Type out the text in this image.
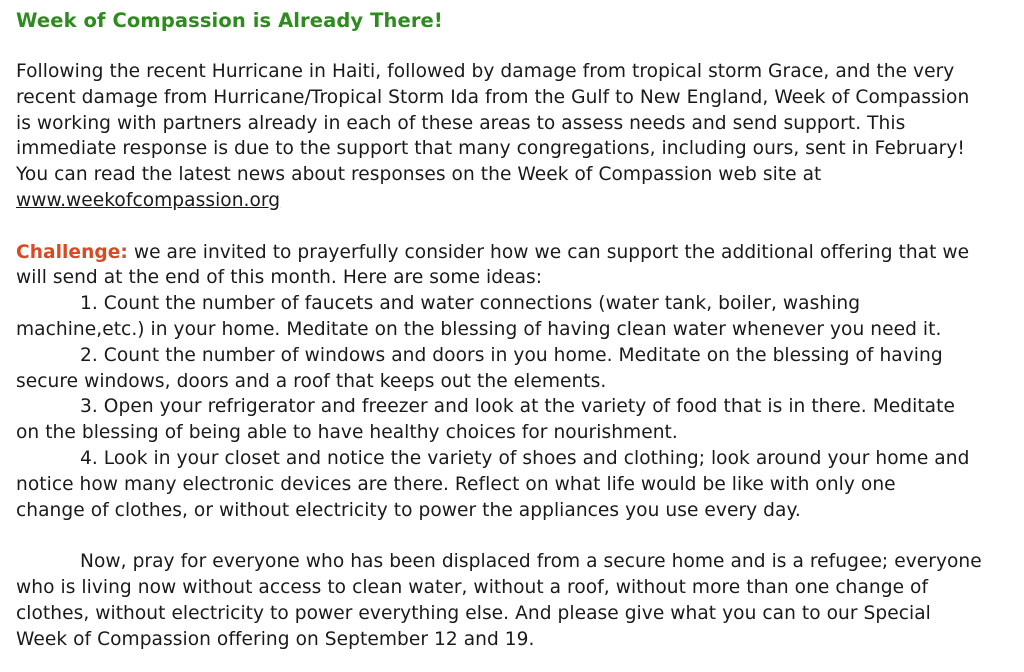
Week of Compassion is Already There!

Following the recent Hurricane in Haiti, followed by damage from tropical storm Grace, and the very
recent damage from Hurricane/Tropical Storm Ida from the Gulf to New England, Week of Compassion
is working with partners already in each of these areas to assess needs and send support. This
immediate response is due to the support that many congregations, including ours, sent in February!
You can read the latest news about responses on the Week of Compassion web site at
www.weekofcompassion.org

Challenge: we are invited to prayerfully consider how we can support the additional offering that we
will send at the end of this month. Here are some ideas:
1. Count the number of faucets and water connections (water tank, boiler, washing
machine,etc.) in your home. Meditate on the blessing of having clean water whenever you need it.
2. Count the number of windows and doors in you home. Meditate on the blessing of having
secure windows, doors and a roof that keeps out the elements.
3. Open your refrigerator and freezer and look at the variety of food that is in there. Meditate
on the blessing of being able to have healthy choices for nourishment.
4. Look in your closet and notice the variety of shoes and clothing; look around your home and
notice how many electronic devices are there. Reflect on what life would be like with only one
change of clothes, or without electricity to power the appliances you use every day.

Now, pray for everyone who has been displaced from a secure home and is a refugee; everyone
who is living now without access to clean water, without a roof, without more than one change of
clothes, without electricity to power everything else. And please give what you can to our Special
Week of Compassion offering on September 12 and 19.
